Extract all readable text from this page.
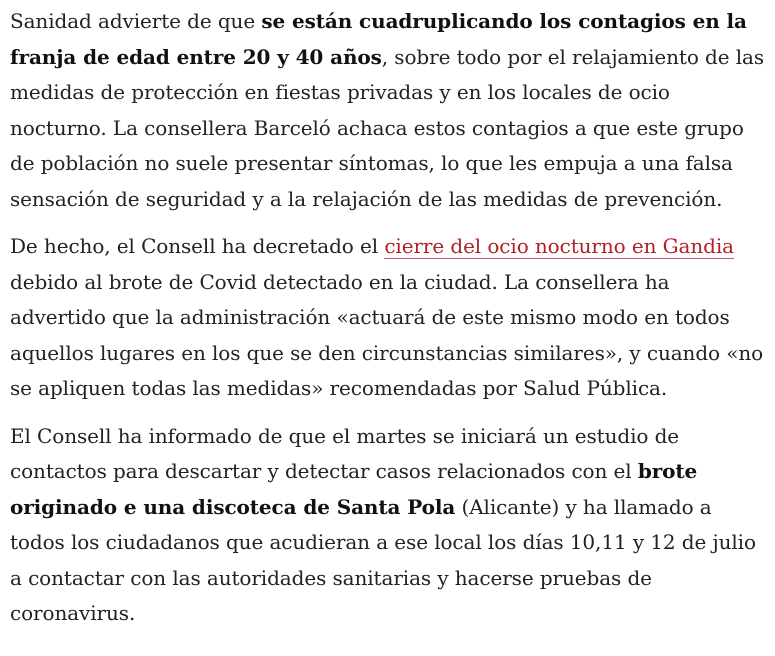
Sanidad advierte de que se están cuadruplicando los contagios en la franja de edad entre 20 y 40 años, sobre todo por el relajamiento de las medidas de protección en fiestas privadas y en los locales de ocio nocturno. La consellera Barceló achaca estos contagios a que este grupo de población no suele presentar síntomas, lo que les empuja a una falsa sensación de seguridad y a la relajación de las medidas de prevención.

De hecho, el Consell ha decretado el cierre del ocio nocturno en Gandia debido al brote de Covid detectado en la ciudad. La consellera ha advertido que la administración «actuará de este mismo modo en todos aquellos lugares en los que se den circunstancias similares», y cuando «no se apliquen todas las medidas» recomendadas por Salud Pública.

El Consell ha informado de que el martes se iniciará un estudio de contactos para descartar y detectar casos relacionados con el brote originado e una discoteca de Santa Pola (Alicante) y ha llamado a todos los ciudadanos que acudieran a ese local los días 10,11 y 12 de julio a contactar con las autoridades sanitarias y hacerse pruebas de coronavirus.
